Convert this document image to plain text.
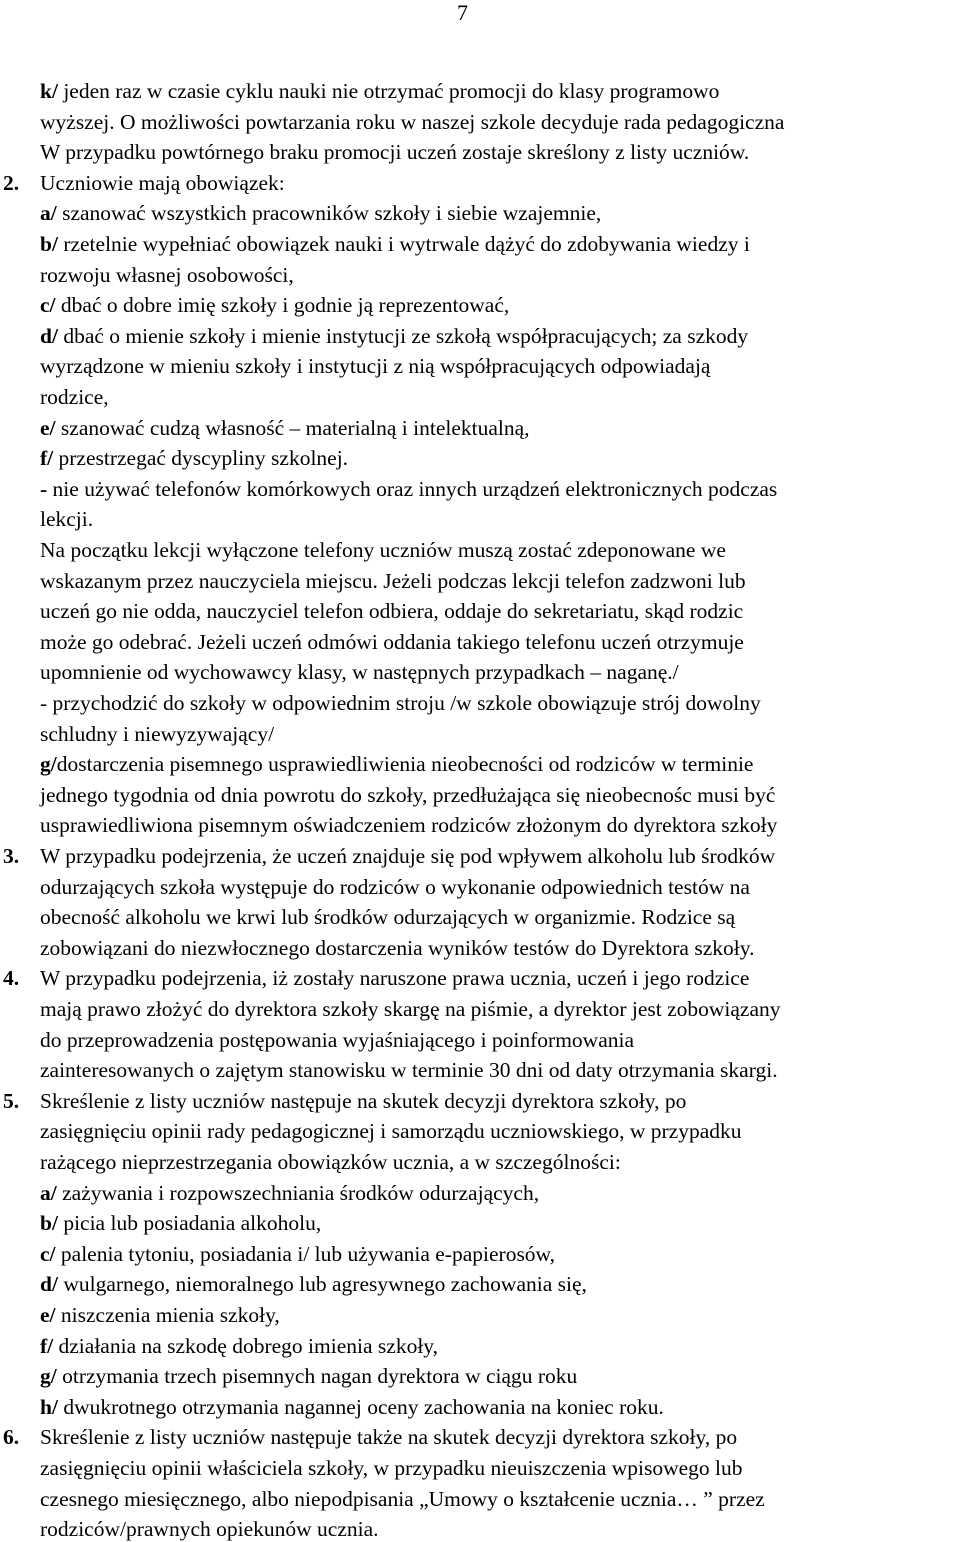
7
k/ jeden raz w czasie cyklu nauki nie otrzymać promocji do klasy programowo
wyższej. O możliwości powtarzania roku w naszej szkole decyduje rada pedagogiczna
W przypadku powtórnego braku promocji uczeń zostaje skreślony z listy uczniów.
2. Uczniowie mają obowiązek:
a/ szanować wszystkich pracowników szkoły i siebie wzajemnie,
b/ rzetelnie wypełniać obowiązek nauki i wytrwale dążyć do zdobywania wiedzy i
rozwoju własnej osobowości,
c/ dbać o dobre imię szkoły i godnie ją reprezentować,
d/ dbać o mienie szkoły i mienie instytucji ze szkołą współpracujących; za szkody
wyrządzone w mieniu szkoły i instytucji z nią współpracujących odpowiadają
rodzice,
e/ szanować cudzą własność – materialną i intelektualną,
f/ przestrzegać dyscypliny szkolnej.
- nie używać telefonów komórkowych oraz innych urządzeń elektronicznych podczas
lekcji.
Na początku lekcji wyłączone telefony uczniów muszą zostać zdeponowane we
wskazanym przez nauczyciela miejscu. Jeżeli podczas lekcji telefon zadzwoni lub
uczeń go nie odda, nauczyciel telefon odbiera, oddaje do sekretariatu, skąd rodzic
może go odebrać. Jeżeli uczeń odmówi oddania takiego telefonu uczeń otrzymuje
upomnienie od wychowawcy klasy, w następnych przypadkach – naganę./
- przychodzić do szkoły w odpowiednim stroju /w szkole obowiązuje strój dowolny
schludny i niewyzywający/
g/dostarczenia pisemnego usprawiedliwienia nieobecności od rodziców w terminie
jednego tygodnia od dnia powrotu do szkoły, przedłużająca się nieobecnośc musi być
usprawiedliwiona pisemnym oświadczeniem rodziców złożonym do dyrektora szkoły
3. W przypadku podejrzenia, że uczeń znajduje się pod wpływem alkoholu lub środków
odurzających szkoła występuje do rodziców o wykonanie odpowiednich testów na
obecność alkoholu we krwi lub środków odurzających w organizmie. Rodzice są
zobowiązani do niezwłocznego dostarczenia wyników testów do Dyrektora szkoły.
4. W przypadku podejrzenia, iż zostały naruszone prawa ucznia, uczeń i jego rodzice
mają prawo złożyć do dyrektora szkoły skargę na piśmie, a dyrektor jest zobowiązany
do przeprowadzenia postępowania wyjaśniającego i poinformowania
zainteresowanych o zajętym stanowisku w terminie 30 dni od daty otrzymania skargi.
5. Skreślenie z listy uczniów następuje na skutek decyzji dyrektora szkoły, po
zasięgnięciu opinii rady pedagogicznej i samorządu uczniowskiego, w przypadku
rażącego nieprzestrzegania obowiązków ucznia, a w szczególności:
a/ zażywania i rozpowszechniania środków odurzających,
b/ picia lub posiadania alkoholu,
c/ palenia tytoniu, posiadania i/ lub używania e-papierosów,
d/ wulgarnego, niemoralnego lub agresywnego zachowania się,
e/ niszczenia mienia szkoły,
f/ działania na szkodę dobrego imienia szkoły,
g/ otrzymania trzech pisemnych nagan dyrektora w ciągu roku
h/ dwukrotnego otrzymania nagannej oceny zachowania na koniec roku.
6. Skreślenie z listy uczniów następuje także na skutek decyzji dyrektora szkoły, po
zasięgnięciu opinii właściciela szkoły, w przypadku nieuiszczenia wpisowego lub
czesnego miesięcznego, albo niepodpisania „Umowy o kształcenie ucznia… ” przez
rodziców/prawnych opiekunów ucznia.
